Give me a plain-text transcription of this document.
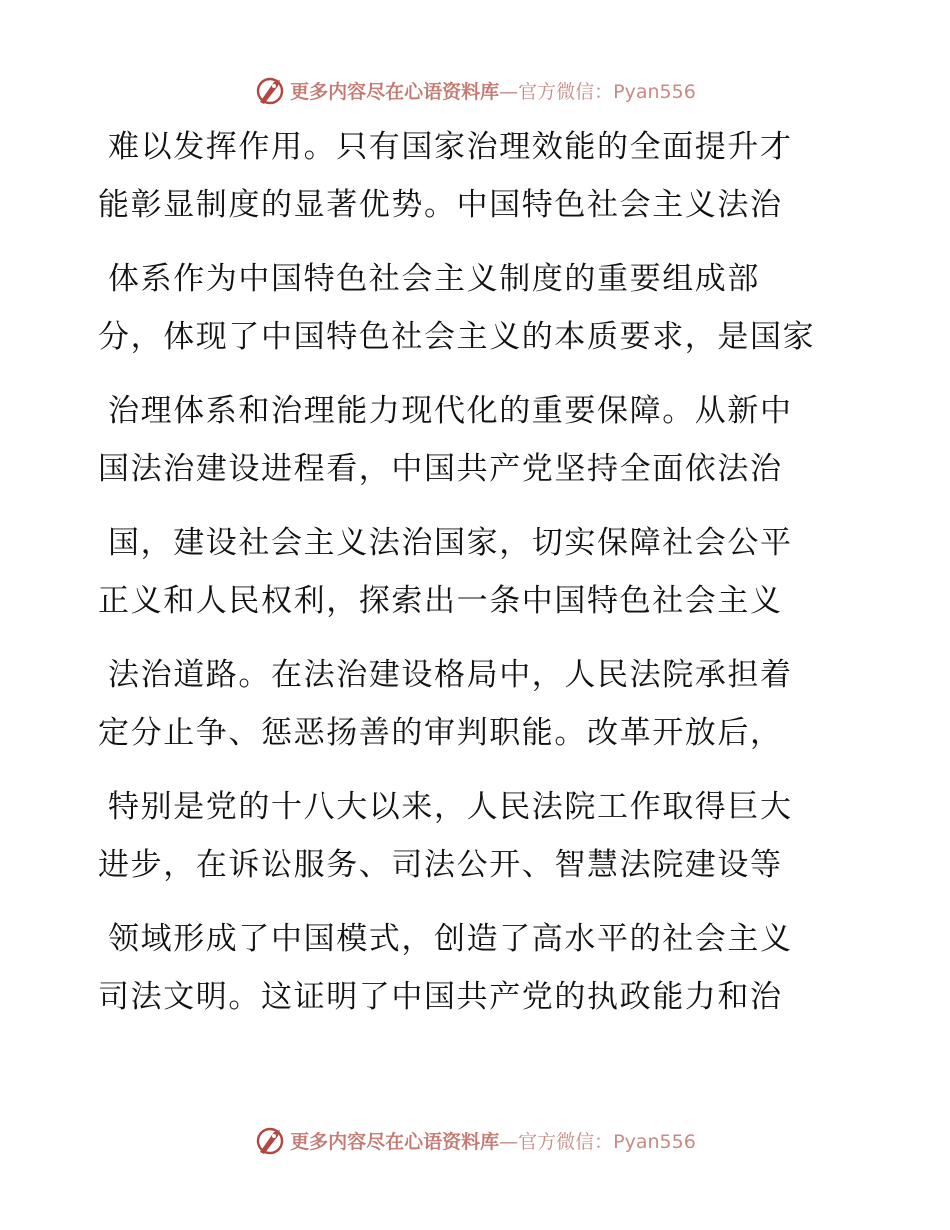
更多内容尽在心语资料库—官方微信：Pyan556
难以发挥作用。只有国家治理效能的全面提升才
能彰显制度的显著优势。中国特色社会主义法治
体系作为中国特色社会主义制度的重要组成部
分，体现了中国特色社会主义的本质要求，是国家
治理体系和治理能力现代化的重要保障。从新中
国法治建设进程看，中国共产党坚持全面依法治
国，建设社会主义法治国家，切实保障社会公平
正义和人民权利，探索出一条中国特色社会主义
法治道路。在法治建设格局中，人民法院承担着
定分止争、惩恶扬善的审判职能。改革开放后，
特别是党的十八大以来，人民法院工作取得巨大
进步，在诉讼服务、司法公开、智慧法院建设等
领域形成了中国模式，创造了高水平的社会主义
司法文明。这证明了中国共产党的执政能力和治
更多内容尽在心语资料库—官方微信：Pyan556
